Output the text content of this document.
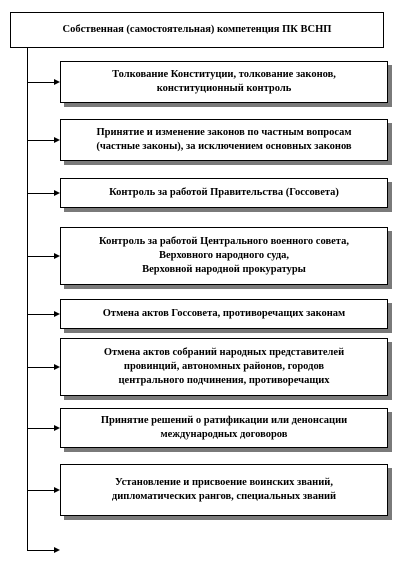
Собственная (самостоятельная) компетенция ПК ВСНП
Толкование Конституции, толкование законов,
конституционный контроль
Принятие и изменение законов по частным вопросам
(частные законы), за исключением основных законов
Контроль за работой Правительства (Госсовета)
Контроль за работой Центрального военного совета,
Верховного народного суда,
Верховной народной прокуратуры
Отмена актов Госсовета, противоречащих законам
Отмена актов собраний народных представителей
провинций, автономных районов, городов
центрального подчинения, противоречащих
Принятие решений о ратификации или денонсации
международных договоров
Установление и присвоение воинских званий,
дипломатических рангов, специальных званий
